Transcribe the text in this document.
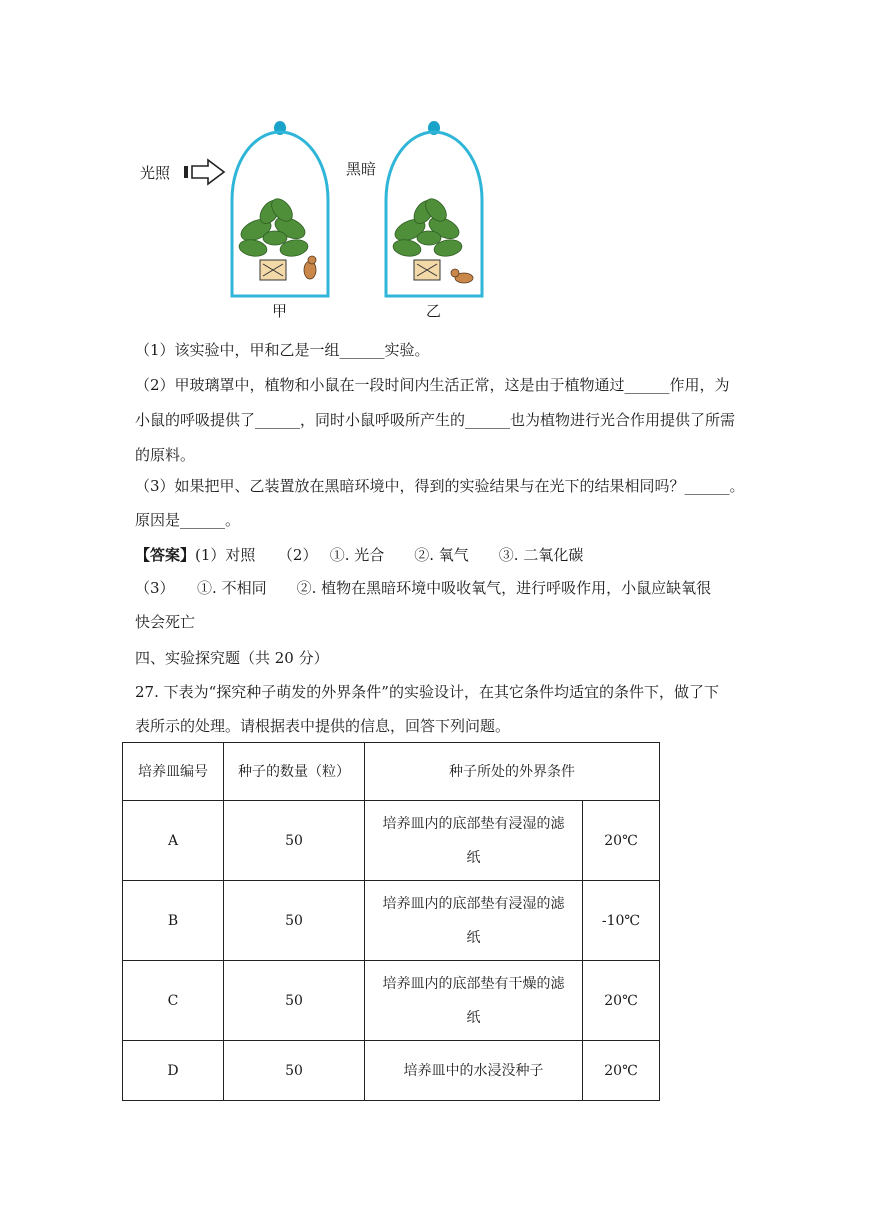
光照	黑暗
甲	乙
（1）该实验中，甲和乙是一组______实验。
（2）甲玻璃罩中，植物和小鼠在一段时间内生活正常，这是由于植物通过______作用，为
小鼠的呼吸提供了______，同时小鼠呼吸所产生的______也为植物进行光合作用提供了所需
的原料。
（3）如果把甲、乙装置放在黑暗环境中，得到的实验结果与在光下的结果相同吗？______。
原因是______。
【答案】(1）对照　　（2）　 ①. 光合　　②. 氧气　　③. 二氧化碳
（3）　　①. 不相同　　②. 植物在黑暗环境中吸收氧气，进行呼吸作用，小鼠应缺氧很
快会死亡
四、实验探究题（共 20 分）
27. 下表为“探究种子萌发的外界条件”的实验设计，在其它条件均适宜的条件下，做了下
表所示的处理。请根据表中提供的信息，回答下列问题。
培养皿编号	种子的数量（粒）	种子所处的外界条件	
A	50	培养皿内的底部垫有浸湿的滤
纸	20℃
B	50	培养皿内的底部垫有浸湿的滤
纸	-10℃
C	50	培养皿内的底部垫有干燥的滤
纸	20℃
D	50	培养皿中的水浸没种子	20℃
